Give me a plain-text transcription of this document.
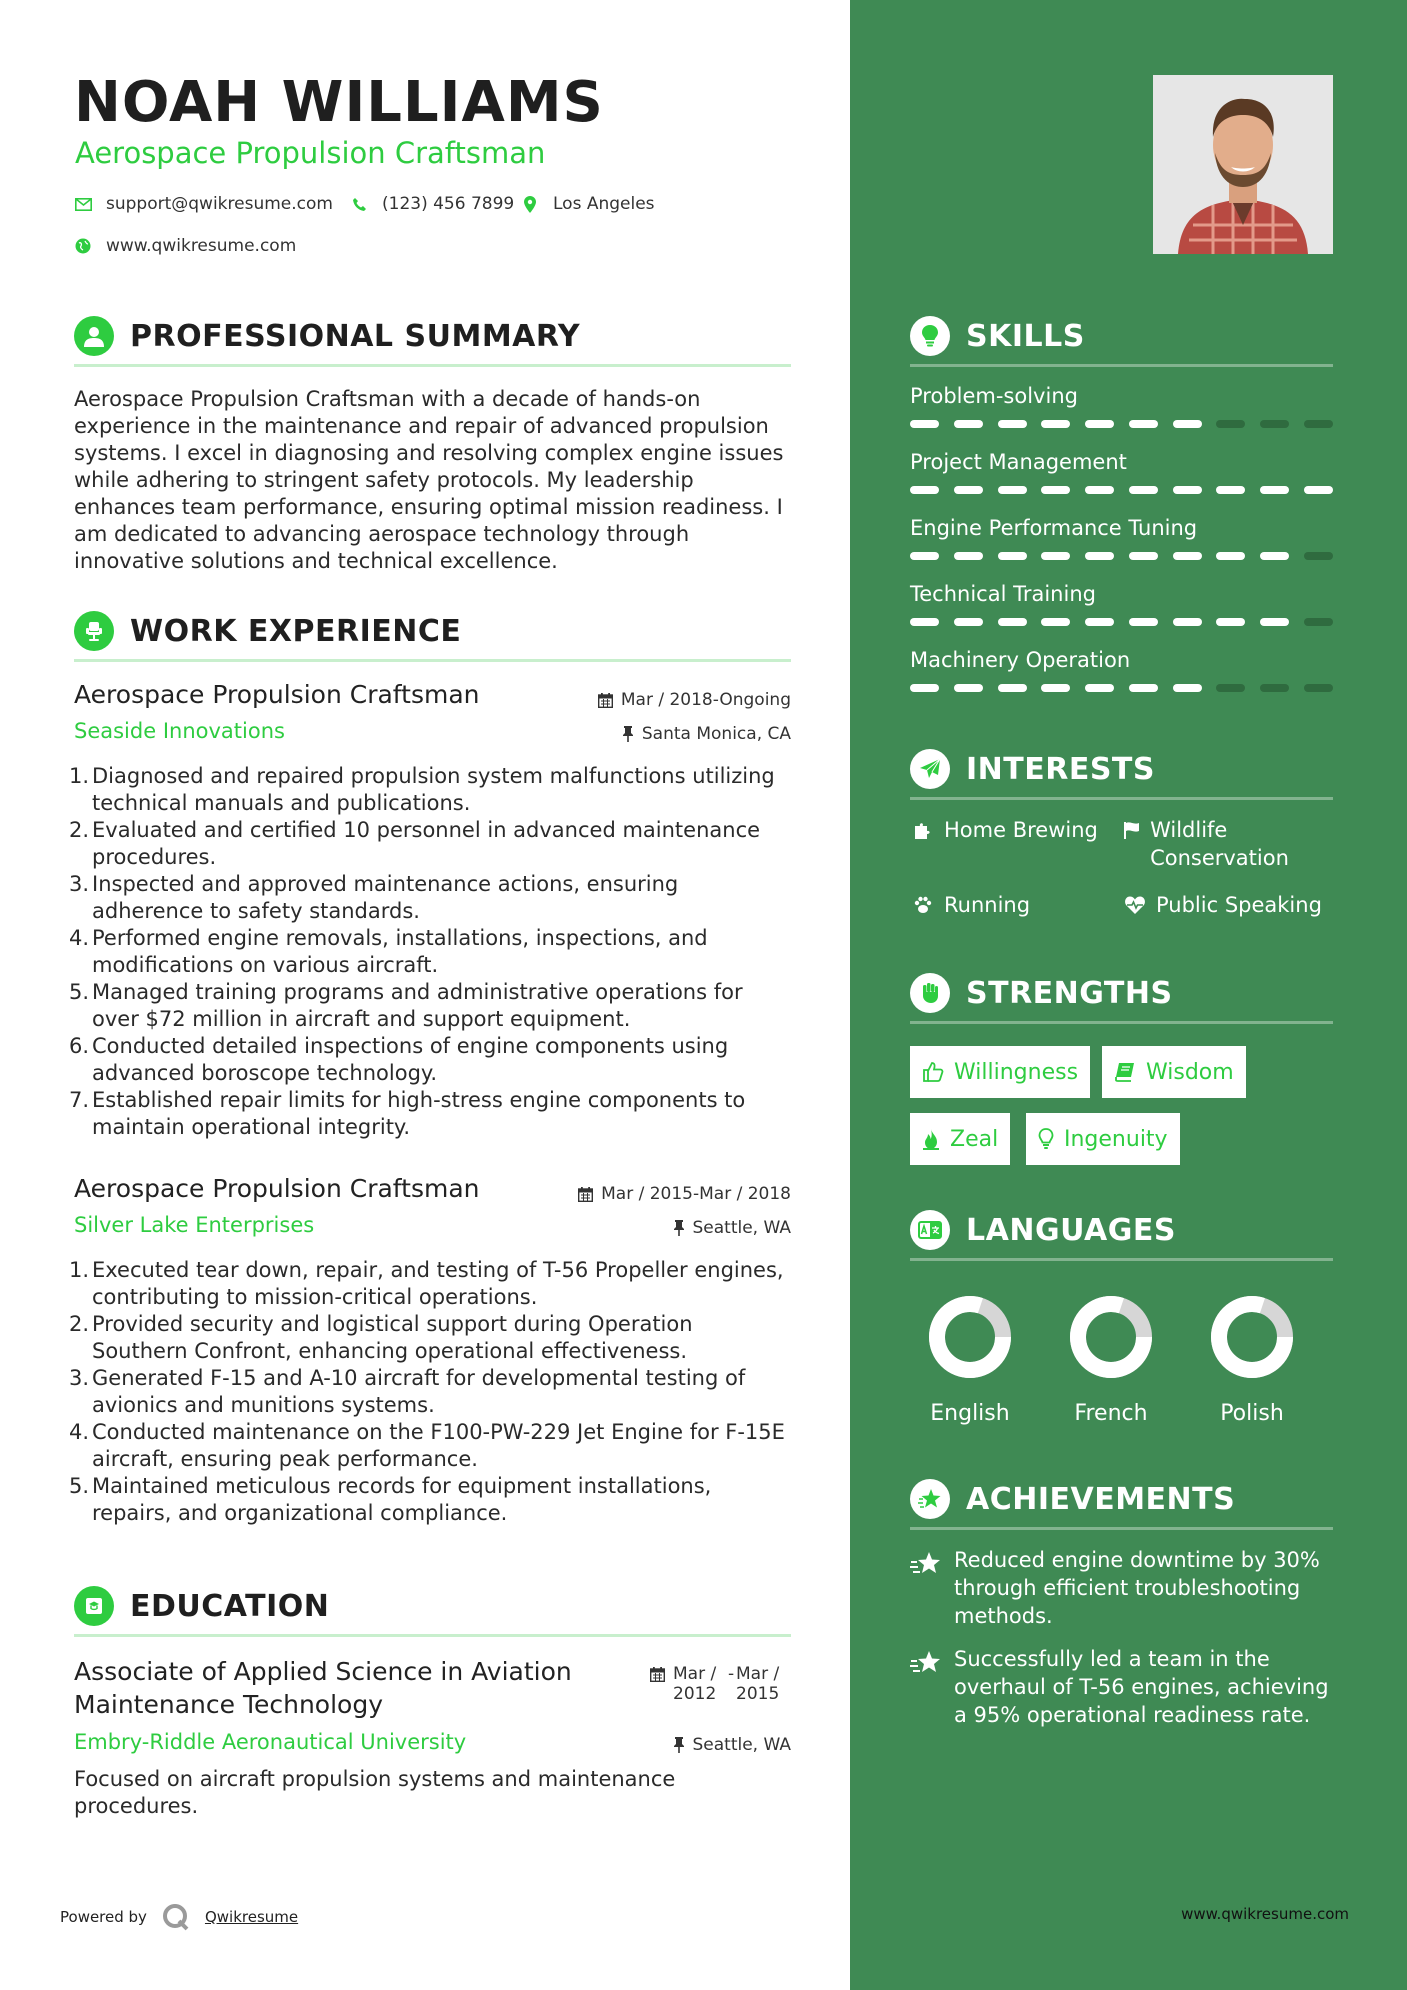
NOAH WILLIAMS
Aerospace Propulsion Craftsman
support@qwikresume.com	(123) 456 7899 Los Angeles
www.qwikresume.com
PROFESSIONAL SUMMARY
Aerospace Propulsion Craftsman with a decade of hands-on experience in the maintenance and repair of advanced propulsion systems. I excel in diagnosing and resolving complex engine issues while adhering to stringent safety protocols. My leadership enhances team performance, ensuring optimal mission readiness. I am dedicated to advancing aerospace technology through innovative solutions and technical excellence.
WORK EXPERIENCE
Aerospace Propulsion Craftsman	Mar / 2018-Ongoing
Seaside Innovations	Santa Monica, CA
Diagnosed and repaired propulsion system malfunctions utilizing technical manuals and publications.
Evaluated and certified 10 personnel in advanced maintenance procedures.
Inspected and approved maintenance actions, ensuring adherence to safety standards.
Performed engine removals, installations, inspections, and modifications on various aircraft.
Managed training programs and administrative operations for over $72 million in aircraft and support equipment.
Conducted detailed inspections of engine components using advanced boroscope technology.
Established repair limits for high-stress engine components to maintain operational integrity.
Aerospace Propulsion Craftsman	Mar / 2015-Mar / 2018
Silver Lake Enterprises	Seattle, WA
Executed tear down, repair, and testing of T-56 Propeller engines, contributing to mission-critical operations.
Provided security and logistical support during Operation Southern Confront, enhancing operational effectiveness.
Generated F-15 and A-10 aircraft for developmental testing of avionics and munitions systems.
Conducted maintenance on the F100-PW-229 Jet Engine for F-15E aircraft, ensuring peak performance.
Maintained meticulous records for equipment installations, repairs, and organizational compliance.
EDUCATION
Associate of Applied Science in Aviation Maintenance Technology
Mar / 2012
- Mar / 2015
Embry-Riddle Aeronautical University	Seattle, WA
Focused on aircraft propulsion systems and maintenance procedures.
Powered by	Qwikresume
SKILLS
Problem-solving
Project Management
Engine Performance Tuning
Technical Training
Machinery Operation
INTERESTS
Home Brewing Wildlife Conservation
Running	Public Speaking
STRENGTHS
Willingness	Wisdom
Zeal	Ingenuity
LANGUAGES
English	French	Polish
ACHIEVEMENTS
Reduced engine downtime by 30% through efficient troubleshooting methods.
Successfully led a team in the overhaul of T-56 engines, achieving a 95% operational readiness rate.
www.qwikresume.com
